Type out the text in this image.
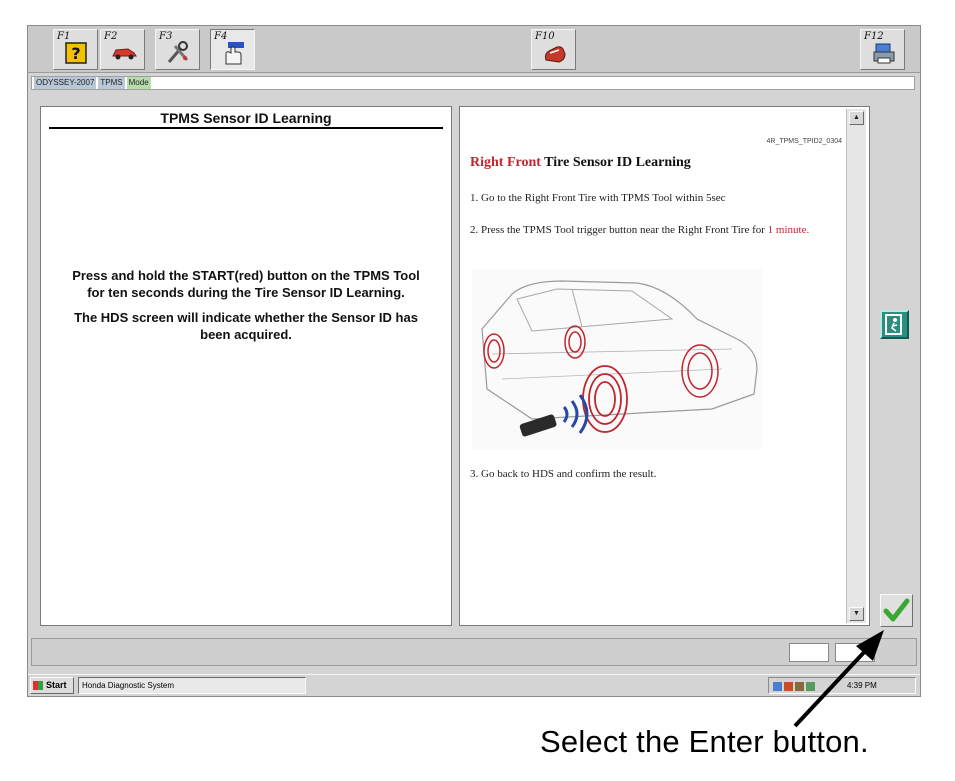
F1
?
F2	F3	F4	F10	F12
ODYSSEY-2007 TPMS Mode
TPMS Sensor ID Learning

Press and hold the START(red) button on the TPMS Tool for ten seconds during the Tire Sensor ID Learning.

The HDS screen will indicate whether the Sensor ID has been acquired.

4R_TPMS_TPID2_0304
Right Front Tire Sensor ID Learning
1. Go to the Right Front Tire with TPMS Tool within 5sec
2. Press the TPMS Tool trigger button near the Right Front Tire for 1 minute.
3. Go back to HDS and confirm the result.
▲
▼
Start	Honda Diagnostic System	4:39 PM
Select the Enter button.
